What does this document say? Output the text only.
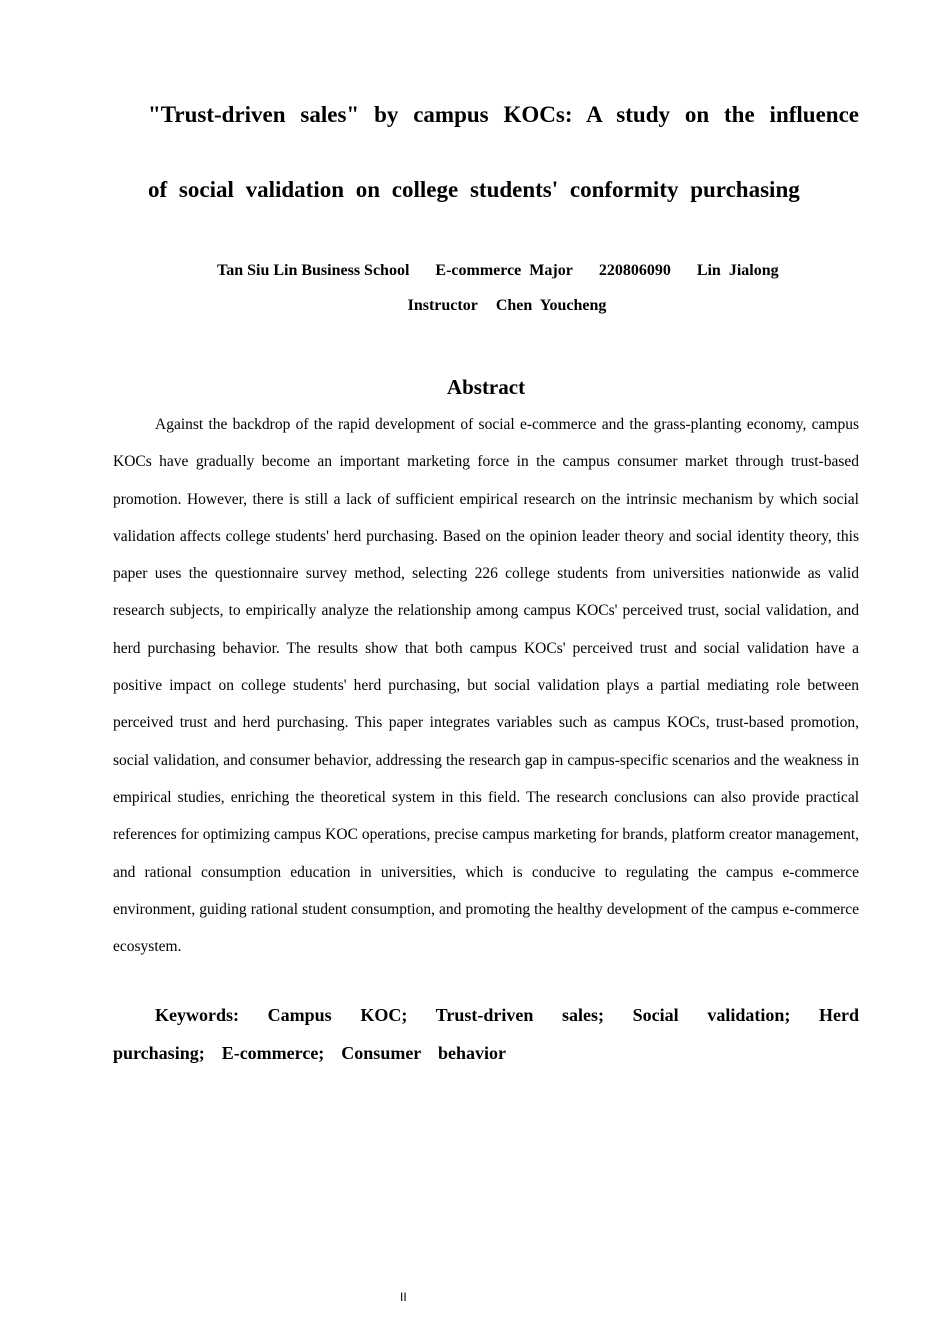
"Trust-driven sales" by campus KOCs: A study on the influence
of social validation on college students' conformity purchasing
Tan Siu Lin Business School E-commerce Major 220806090 Lin Jialong
Instructor Chen Youcheng
Abstract

Against the backdrop of the rapid development of social e-commerce and the grass-planting economy, campus KOCs have gradually become an important marketing force in the campus consumer market through trust-based promotion. However, there is still a lack of sufficient empirical research on the intrinsic mechanism by which social validation affects college students' herd purchasing. Based on the opinion leader theory and social identity theory, this paper uses the questionnaire survey method, selecting 226 college students from universities nationwide as valid research subjects, to empirically analyze the relationship among campus KOCs' perceived trust, social validation, and herd purchasing behavior. The results show that both campus KOCs' perceived trust and social validation have a positive impact on college students' herd purchasing, but social validation plays a partial mediating role between perceived trust and herd purchasing. This paper integrates variables such as campus KOCs, trust-based promotion, social validation, and consumer behavior, addressing the research gap in campus-specific scenarios and the weakness in empirical studies, enriching the theoretical system in this field. The research conclusions can also provide practical references for optimizing campus KOC operations, precise campus marketing for brands, platform creator management, and rational consumption education in universities, which is conducive to regulating the campus e-commerce environment, guiding rational student consumption, and promoting the healthy development of the campus e-commerce ecosystem.

Keywords:  Campus  KOC;  Trust-driven  sales;  Social  validation;  Herd  purchasing;  E-commerce;  Consumer  behavior

II
